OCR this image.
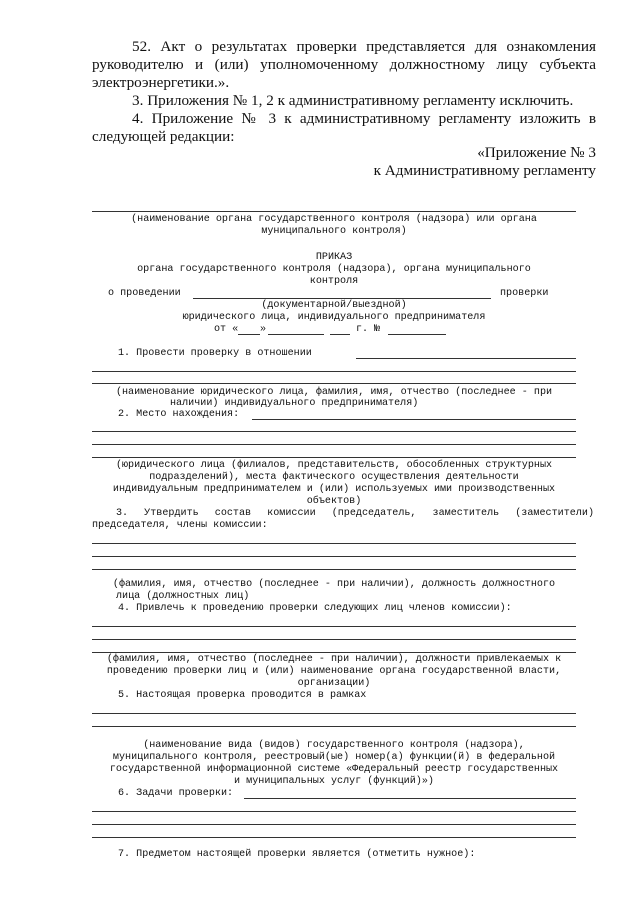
52. Акт о результатах проверки представляется для ознакомления
руководителю и (или) уполномоченному должностному лицу субъекта
электроэнергетики.».
3. Приложения № 1, 2 к административному регламенту исключить.
4. Приложение № 3 к административному регламенту изложить в
следующей редакции:
«Приложение № 3
к Административному регламенту
(наименование органа государственного контроля (надзора) или органа
муниципального контроля)
ПРИКАЗ
органа государственного контроля (надзора), органа муниципального
контроля
о проведении	проверки
(документарной/выездной)
юридического лица, индивидуального предпринимателя
от « »	г. №
1. Провести проверку в отношении
(наименование юридического лица, фамилия, имя, отчество (последнее - при
наличии) индивидуального предпринимателя)
2. Место нахождения:
(юридического лица (филиалов, представительств, обособленных структурных
подразделений), места фактического осуществления деятельности
индивидуальным предпринимателем и (или) используемых ими производственных
объектов)
3. Утвердить состав комиссии (председатель, заместитель (заместители)
председателя, члены комиссии:
(фамилия, имя, отчество (последнее - при наличии), должность должностного
лица (должностных лиц)
4. Привлечь к проведению проверки следующих лиц членов комиссии):
(фамилия, имя, отчество (последнее - при наличии), должности привлекаемых к
проведению проверки лиц и (или) наименование органа государственной власти,
организации)
5. Настоящая проверка проводится в рамках
(наименование вида (видов) государственного контроля (надзора),
муниципального контроля, реестровый(ые) номер(а) функции(й) в федеральной
государственной информационной системе «Федеральный реестр государственных
и муниципальных услуг (функций)»)
6. Задачи проверки:
7. Предметом настоящей проверки является (отметить нужное):
